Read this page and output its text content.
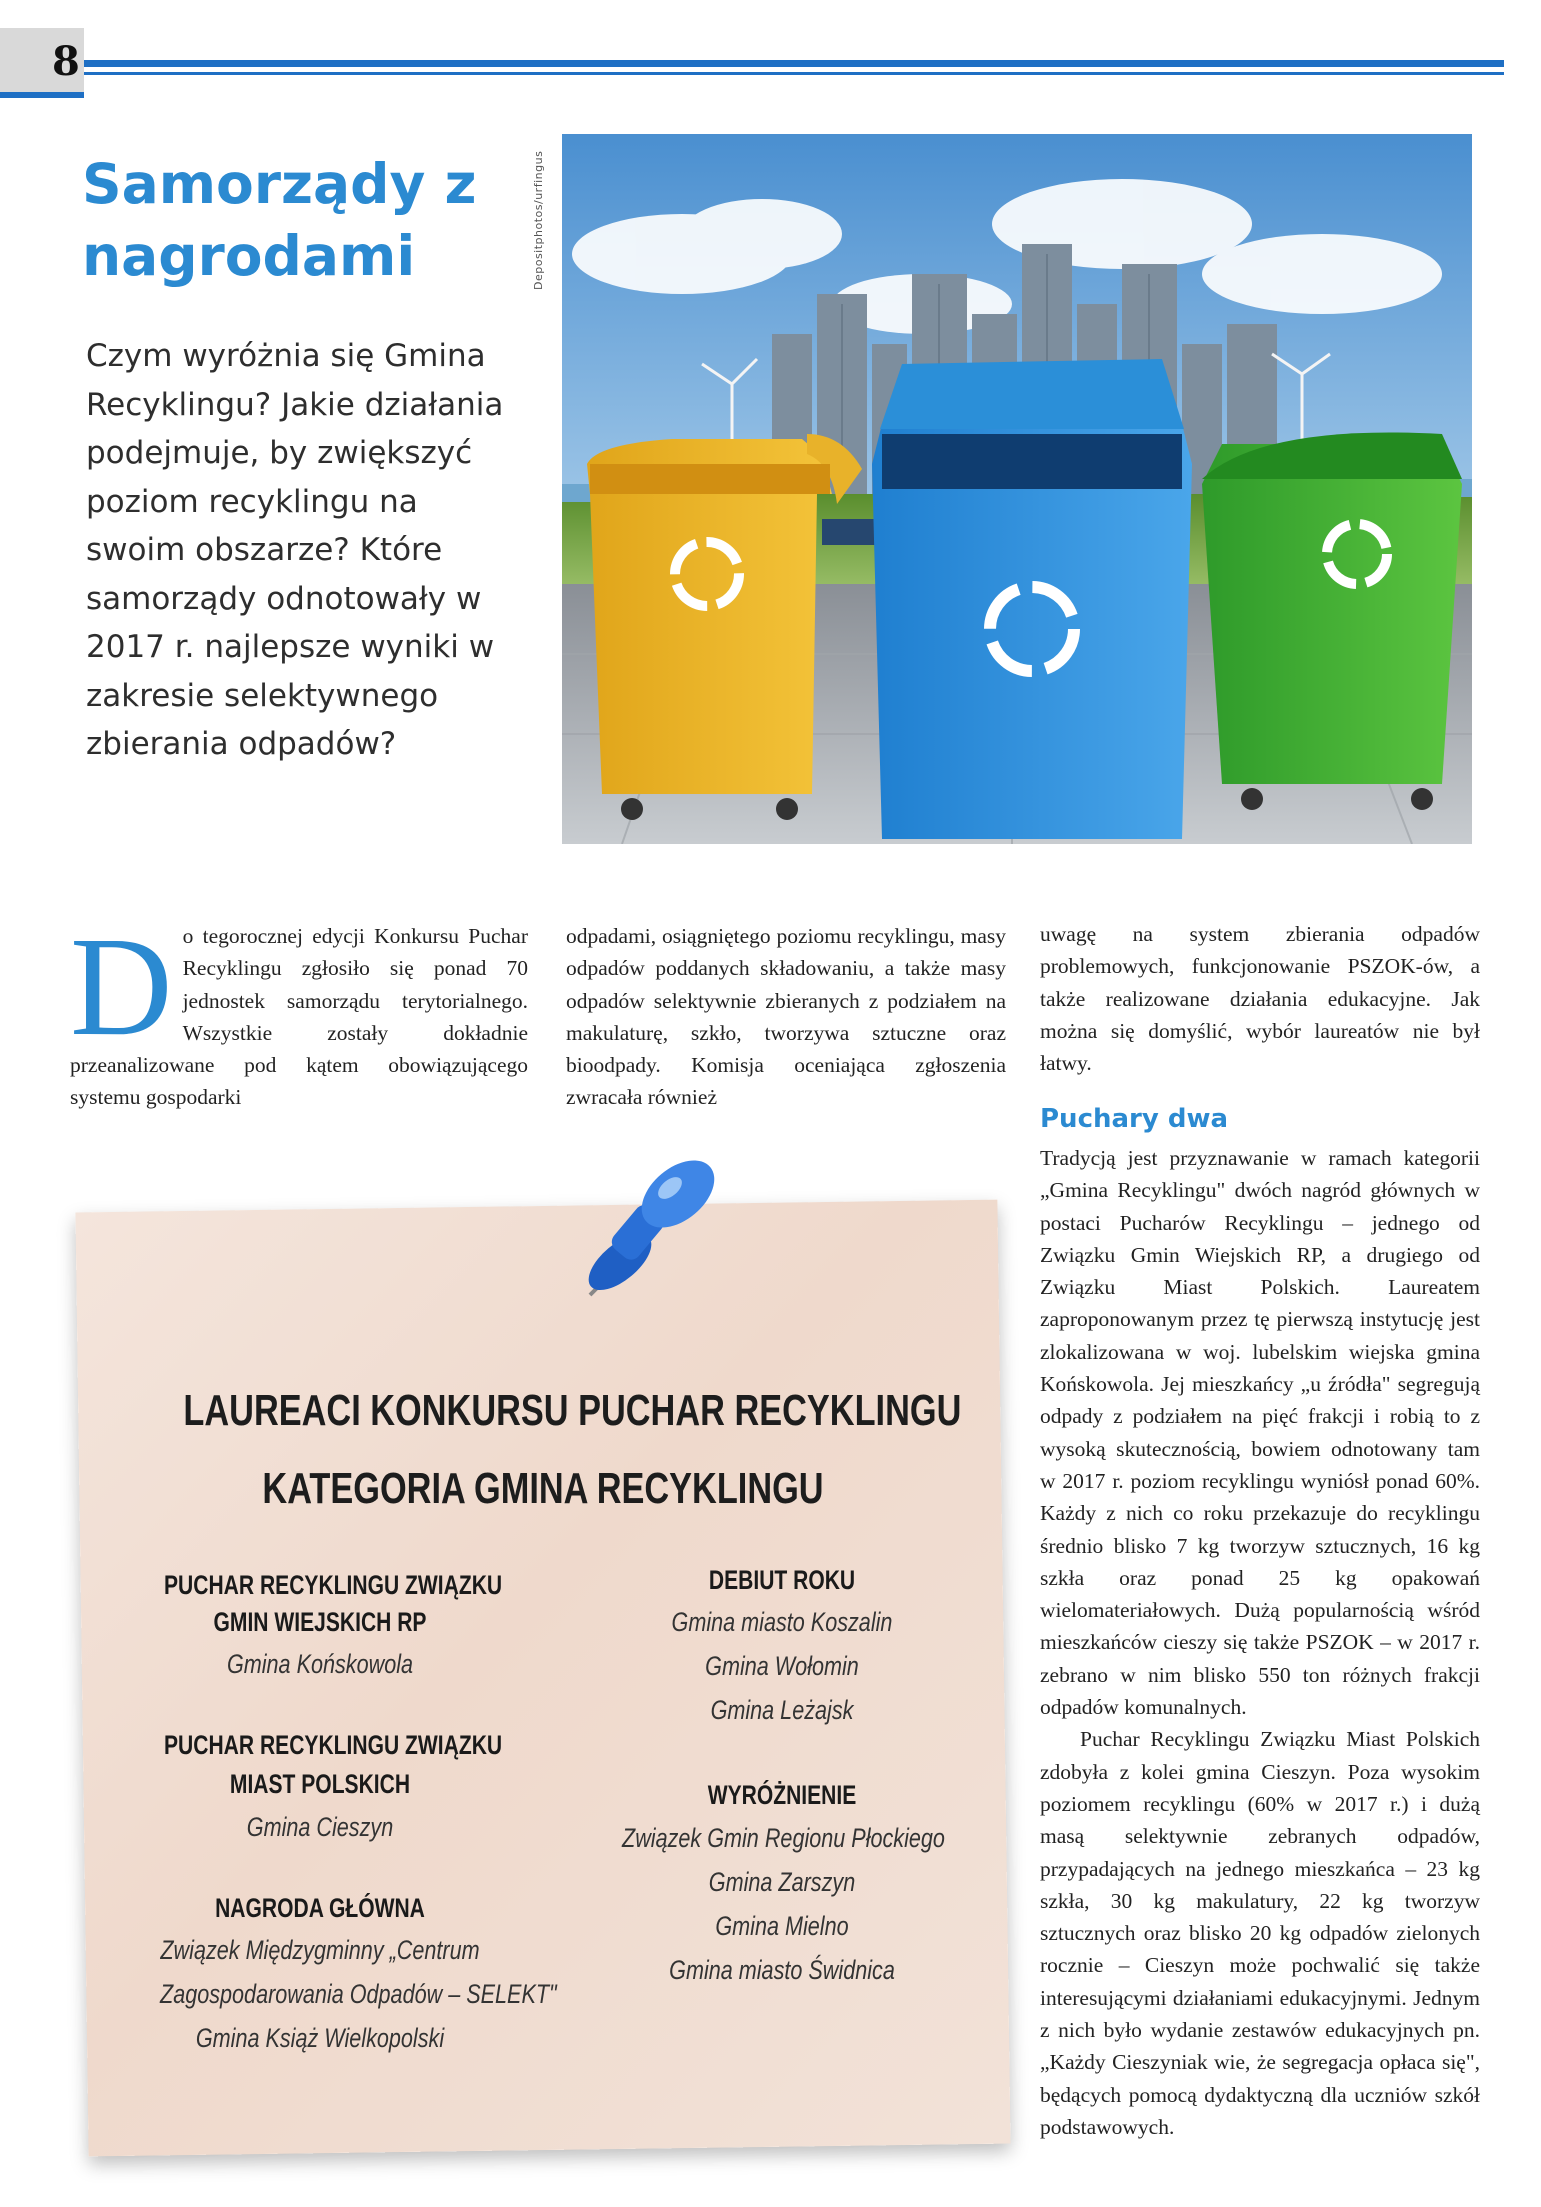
8
Samorządy z nagrodami

Czym wyróżnia się Gmina Recyklingu? Jakie działania podejmuje, by zwiększyć poziom recyklingu na swoim obszarze? Które samorządy odnotowały w 2017 r. najlepsze wyniki w zakresie selektywnego zbierania odpadów?

Depositphotos/urfingus
Do tegorocznej edycji Konkursu Puchar Recyklingu zgłosiło się ponad 70 jednostek samorządu terytorialnego. Wszystkie zostały dokładnie przeanalizowane pod kątem obowiązującego systemu gospodarki

odpadami, osiągniętego poziomu recyklingu, masy odpadów poddanych składowaniu, a także masy odpadów selektywnie zbieranych z podziałem na makulaturę, szkło, tworzywa sztuczne oraz bioodpady. Komisja oceniająca zgłoszenia zwracała również

uwagę na system zbierania odpadów problemowych, funkcjonowanie PSZOK-ów, a także realizowane działania edukacyjne. Jak można się domyślić, wybór laureatów nie był łatwy.

Puchary dwa

Tradycją jest przyznawanie w ramach kategorii „Gmina Recyklingu" dwóch nagród głównych w postaci Pucharów Recyklingu – jednego od Związku Gmin Wiejskich RP, a drugiego od Związku Miast Polskich. Laureatem zaproponowanym przez tę pierwszą instytucję jest zlokalizowana w woj. lubelskim wiejska gmina Końskowola. Jej mieszkańcy „u źródła" segregują odpady z podziałem na pięć frakcji i robią to z wysoką skutecznością, bowiem odnotowany tam w 2017 r. poziom recyklingu wyniósł ponad 60%. Każdy z nich co roku przekazuje do recyklingu średnio blisko 7 kg tworzyw sztucznych, 16 kg szkła oraz ponad 25 kg opakowań wielomateriałowych. Dużą popularnością wśród mieszkańców cieszy się także PSZOK – w 2017 r. zebrano w nim blisko 550 ton różnych frakcji odpadów komunalnych.

Puchar Recyklingu Związku Miast Polskich zdobyła z kolei gmina Cieszyn. Poza wysokim poziomem recyklingu (60% w 2017 r.) i dużą masą selektywnie zebranych odpadów, przypadających na jednego mieszkańca – 23 kg szkła, 30 kg makulatury, 22 kg tworzyw sztucznych oraz blisko 20 kg odpadów zielonych rocznie – Cieszyn może pochwalić się także interesującymi działaniami edukacyjnymi. Jednym z nich było wydanie zestawów edukacyjnych pn. „Każdy Cieszyniak wie, że segregacja opłaca się", będących pomocą dydaktyczną dla uczniów szkół podstawowych.

LAUREACI KONKURSU PUCHAR RECYKLINGU
KATEGORIA GMINA RECYKLINGU
PUCHAR RECYKLINGU ZWIĄZKU
GMIN WIEJSKICH RP
Gmina Końskowola
PUCHAR RECYKLINGU ZWIĄZKU
MIAST POLSKICH
Gmina Cieszyn
NAGRODA GŁÓWNA
Związek Międzygminny „Centrum
Zagospodarowania Odpadów – SELEKT"
Gmina Książ Wielkopolski
DEBIUT ROKU
Gmina miasto Koszalin
Gmina Wołomin
Gmina Leżajsk
WYRÓŻNIENIE
Związek Gmin Regionu Płockiego
Gmina Zarszyn
Gmina Mielno
Gmina miasto Świdnica
